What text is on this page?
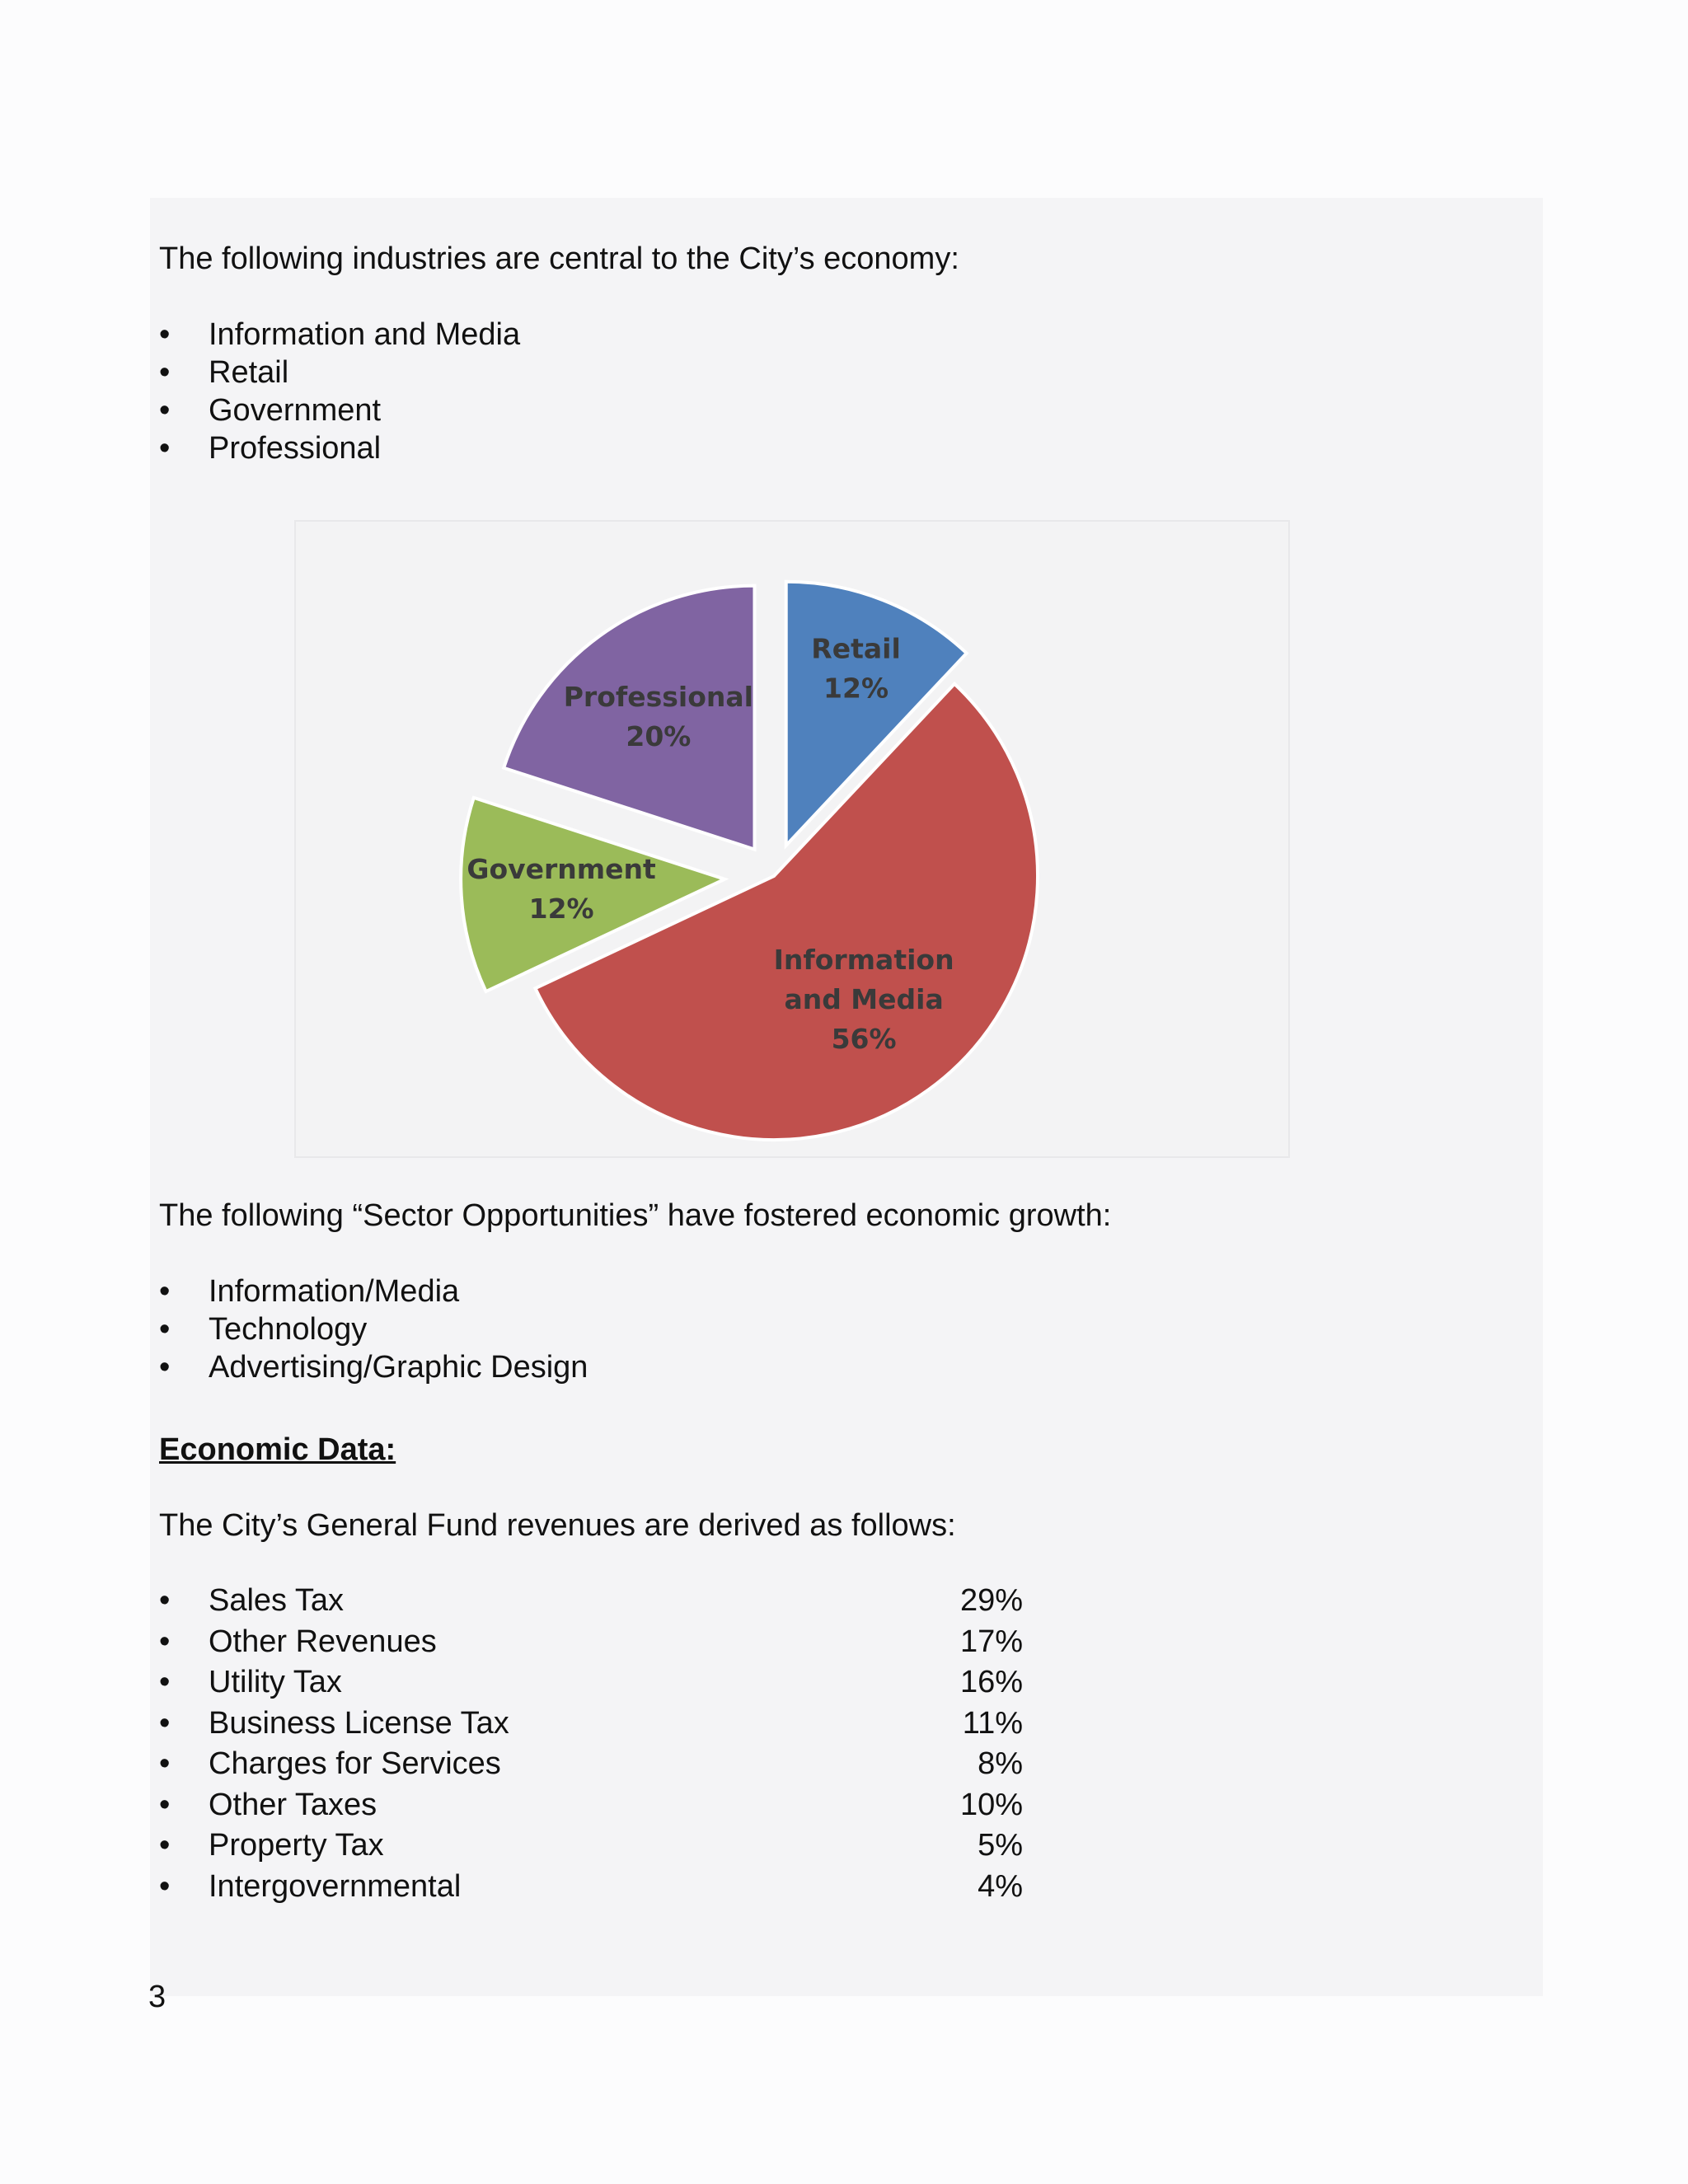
The following industries are central to the City’s economy:

• Information and Media
• Retail
• Government
• Professional
Retail 12%
Information and Media 56%
Government 12%
Professional 20%

The following “Sector Opportunities” have fostered economic growth:

• Information/Media
• Technology
• Advertising/Graphic Design

Economic Data:

The City’s General Fund revenues are derived as follows:

• Sales Tax	29%
• Other Revenues	17%
• Utility Tax	16%
• Business License Tax	11%
• Charges for Services	8%
• Other Taxes	10%
• Property Tax	5%
• Intergovernmental	4%
3
